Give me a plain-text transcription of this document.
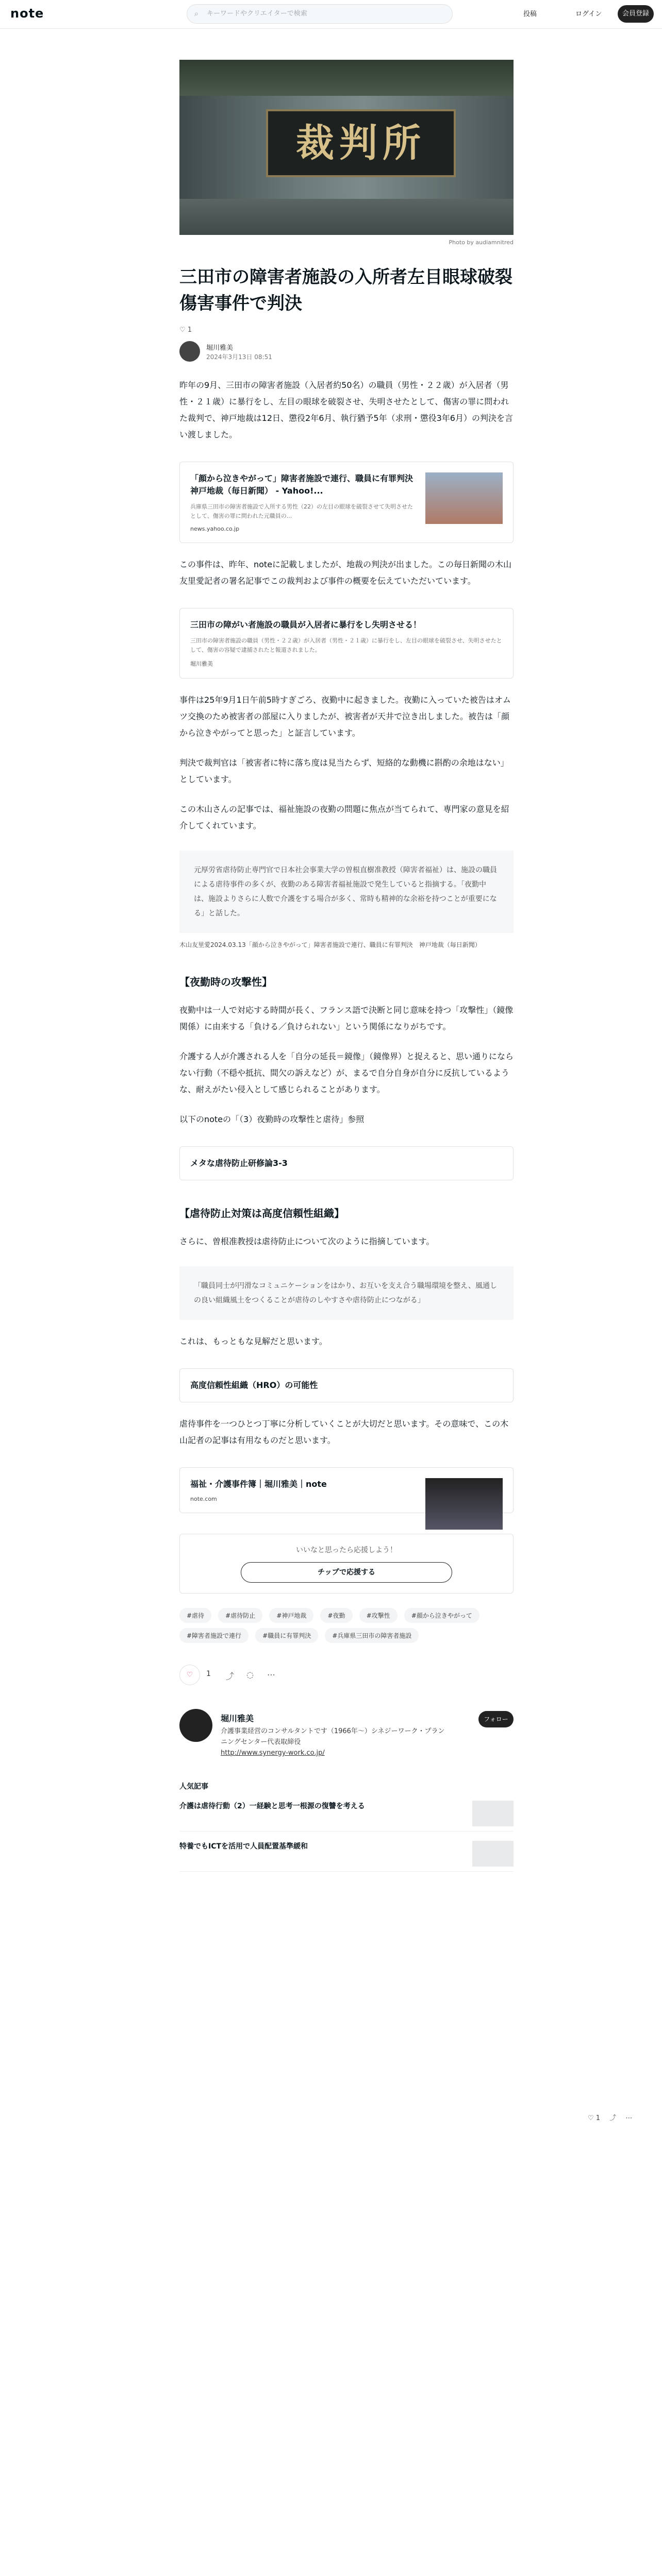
note	⌕ キーワードやクリエイターで検索	投稿	ログイン	会員登録
裁判所
Photo by audiamnitred
三田市の障害者施設の入所者左目眼球破裂傷害事件で判決
♡ 1
堀川雅美
2024年3月13日 08:51

昨年の9月、三田市の障害者施設（入居者約50名）の職員（男性・２２歳）が入居者（男性・２１歳）に暴行をし、左目の眼球を破裂させ、失明させたとして、傷害の罪に問われた裁判で、神戸地裁は12日、懲役2年6月、執行猶予5年（求刑・懲役3年6月）の判決を言い渡しました。

「顔から泣きやがって」障害者施設で連行、職員に有罪判決　神戸地裁（毎日新聞） - Yahoo!...
兵庫県三田市の障害者施設で入所する男性（22）の左目の眼球を破裂させて失明させたとして、傷害の罪に問われた元職員の...
news.yahoo.co.jp

この事件は、昨年、noteに記載しましたが、地裁の判決が出ました。この毎日新聞の木山友里愛記者の署名記事でこの裁判および事件の概要を伝えていただいています。

三田市の障がい者施設の職員が入居者に暴行をし失明させる！
三田市の障害者施設の職員（男性・２２歳）が入居者（男性・２１歳）に暴行をし、左目の眼球を破裂させ、失明させたとして、傷害の容疑で逮捕されたと報道されました。
堀川雅美

事件は25年9月1日午前5時すぎごろ、夜勤中に起きました。夜勤に入っていた被告はオムツ交換のため被害者の部屋に入りましたが、被害者が天井で泣き出しました。被告は「顔から泣きやがってと思った」と証言しています。

判決で裁判官は「被害者に特に落ち度は見当たらず、短絡的な動機に斟酌の余地はない」としています。

この木山さんの記事では、福祉施設の夜勤の問題に焦点が当てられて、専門家の意見を紹介してくれています。

元厚労省虐待防止専門官で日本社会事業大学の曽根直樹准教授（障害者福祉）は、施設の職員による虐待事件の多くが、夜勤のある障害者福祉施設で発生していると指摘する。「夜勤中は、施設よりさらに人数で介護をする場合が多く、常時も精神的な余裕を持つことが重要になる」と話した。
木山友里愛2024.03.13「顔から泣きやがって」障害者施設で連行、職員に有罪判決　神戸地裁（毎日新聞）
【夜勤時の攻撃性】

夜勤中は一人で対応する時間が長く、フランス語で決断と同じ意味を持つ「攻撃性」（鏡像関係）に由来する「負ける／負けられない」という関係になりがちです。

介護する人が介護される人を「自分の延長＝鏡像」（鏡像界）と捉えると、思い通りにならない行動（不穏や抵抗、間欠の訴えなど）が、まるで自分自身が自分に反抗しているような、耐えがたい侵入として感じられることがあります。

以下のnoteの「（3）夜勤時の攻撃性と虐待」参照

メタな虐待防止研修論3-3
【虐待防止対策は高度信頼性組織】

さらに、曽根准教授は虐待防止について次のように指摘しています。

「職員同士が円滑なコミュニケーションをはかり、お互いを支え合う職場環境を整え、風通しの良い組織風土をつくることが虐待のしやすさや虐待防止につながる」

これは、もっともな見解だと思います。

高度信頼性組織（HRO）の可能性

虐待事件を一つひとつ丁寧に分析していくことが大切だと思います。その意味で、この木山記者の記事は有用なものだと思います。

福祉・介護事件簿｜堀川雅美｜note
note.com
いいなと思ったら応援しよう！
チップで応援する
#虐待	#虐待防止	#神戸地裁	#夜勤	#攻撃性	#顔から泣きやがって #障害者施設で連行	#職員に有罪判決	#兵庫県三田市の障害者施設
♡	1 ⤴ ◌ ⋯
堀川雅美
介護事業経営のコンサルタントです（1966年～）シネジーワーク・プランニングセンター代表取締役
http://www.synergy-work.co.jp/
フォロー
人気記事
介護は虐待行動（2）一経験と思考一根源の復讐を考える
特養でもICTを活用で人員配置基準緩和
♡ 1 ⤴ ⋯
